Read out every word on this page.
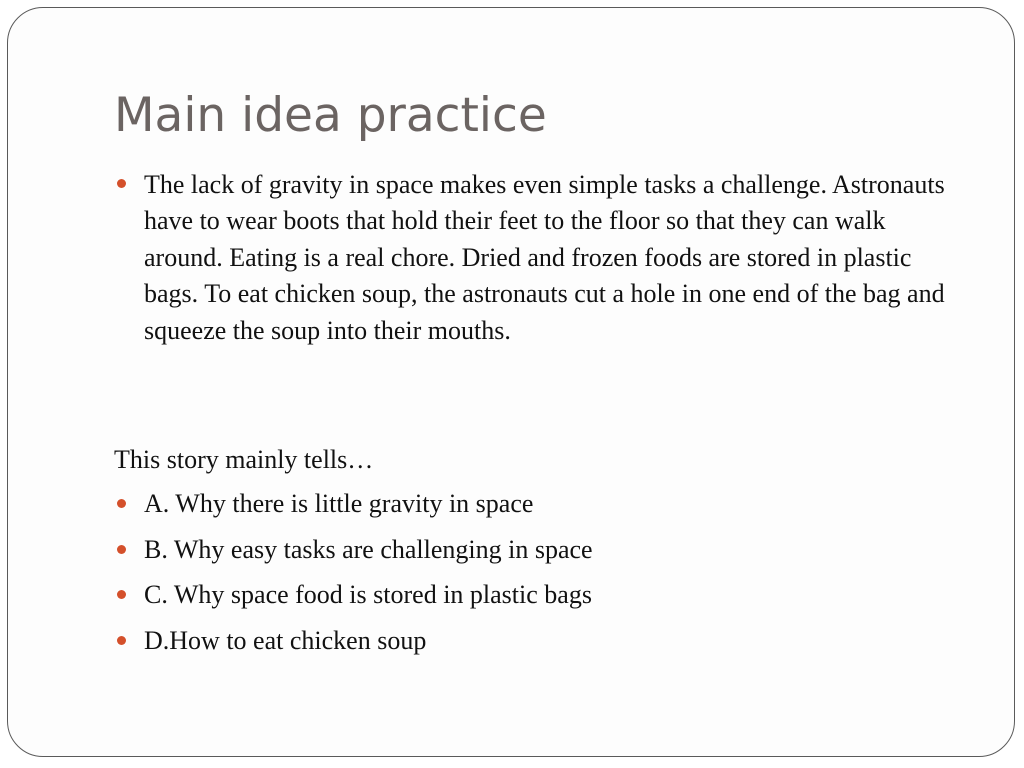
Main idea practice
The lack of gravity in space makes even simple tasks a challenge. Astronauts have to wear boots that hold their feet to the floor so that they can walk around. Eating is a real chore. Dried and frozen foods are stored in plastic bags. To eat chicken soup, the astronauts cut a hole in one end of the bag and squeeze the soup into their mouths.
This story mainly tells…
A. Why there is little gravity in space
B. Why easy tasks are challenging in space
C. Why space food is stored in plastic bags
D.How to eat chicken soup
